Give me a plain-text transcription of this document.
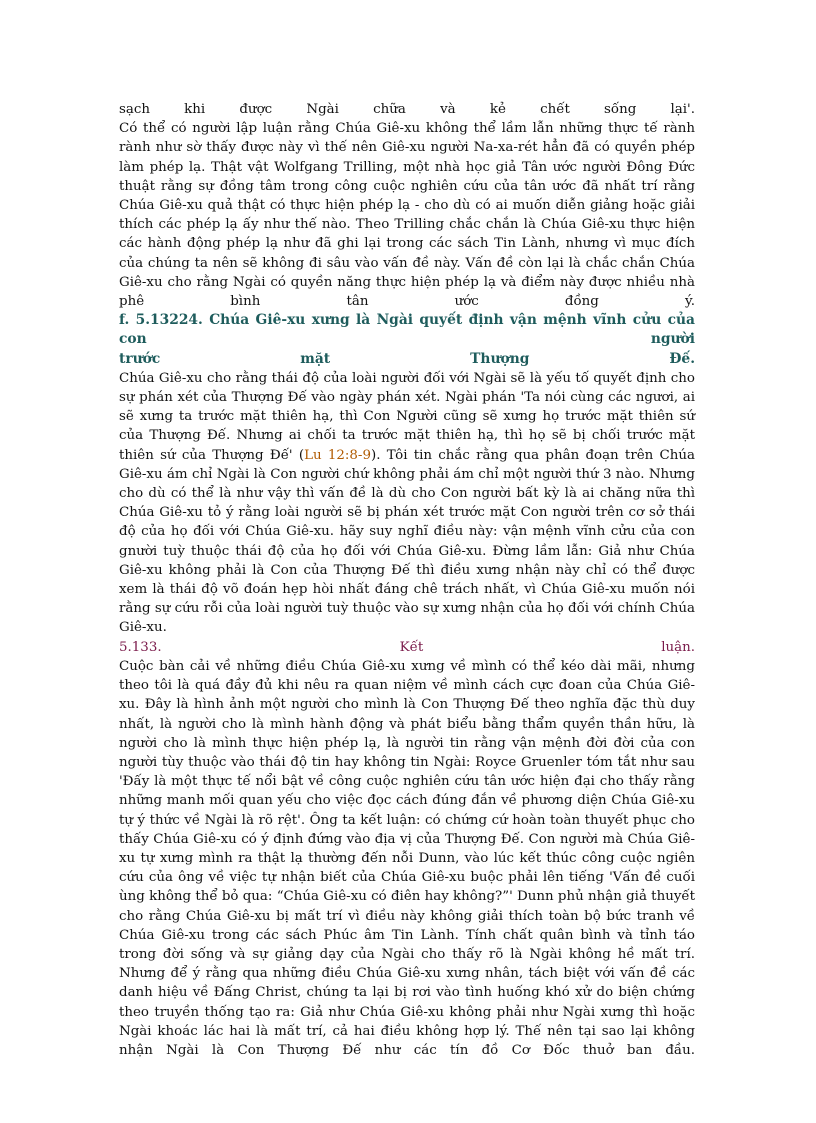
sạch khi được Ngài chữa và kẻ chết sống lại'.

Có thể có người lập luận rằng Chúa Giê-xu không thể lầm lẫn những thực tế rành rành như sờ thấy được này vì thế nên Giê-xu người Na-xa-rét hẳn đã có quyền phép làm phép lạ. Thật vật Wolfgang Trilling, một nhà học giả Tân ước người Đông Đức thuật rằng sự đồng tâm trong công cuộc nghiên cứu của tân ước đã nhất trí rằng Chúa Giê-xu quả thật có thực hiện phép lạ - cho dù có ai muốn diễn giảng hoặc giải thích các phép lạ ấy như thế nào. Theo Trilling chắc chắn là Chúa Giê-xu thực hiện các hành động phép lạ như đã ghi lại trong các sách Tin Lành, nhưng vì mục đích của chúng ta nên sẽ không đi sâu vào vấn đề này. Vấn đề còn lại là chắc chắn Chúa Giê-xu cho rằng Ngài có quyền năng thực hiện phép lạ và điểm này được nhiều nhà phê bình tân ước đồng ý.

f. 5.13224. Chúa Giê-xu xưng là Ngài quyết định vận mệnh vĩnh cửu của con người

trước mặt Thượng Đế.

Chúa Giê-xu cho rằng thái độ của loài người đối với Ngài sẽ là yếu tố quyết định cho sự phán xét của Thượng Đế vào ngày phán xét. Ngài phán 'Ta nói cùng các ngươi, ai sẽ xưng ta trước mặt thiên hạ, thì Con Người cũng sẽ xưng họ trước mặt thiên sứ của Thượng Đế. Nhưng ai chối ta trước mặt thiên hạ, thì họ sẽ bị chối trước mặt thiên sứ của Thượng Đế' (Lu 12:8-9). Tôi tin chắc rằng qua phân đoạn trên Chúa Giê-xu ám chỉ Ngài là Con người chứ không phải ám chỉ một người thứ 3 nào. Nhưng cho dù có thể là như vậy thì vấn đề là dù cho Con người bất kỳ là ai chăng nữa thì Chúa Giê-xu tỏ ý rằng loài người sẽ bị phán xét trước mặt Con người trên cơ sở thái độ của họ đối với Chúa Giê-xu. hãy suy nghĩ điều này: vận mệnh vĩnh cửu của con gnười tuỳ thuộc thái độ của họ đối với Chúa Giê-xu. Đừng lầm lẫn: Giả như Chúa Giê-xu không phải là Con của Thượng Đế thì điều xưng nhận này chỉ có thể được xem là thái độ võ đoán hẹp hòi nhất đáng chê trách nhất, vì Chúa Giê-xu muốn nói rằng sự cứu rỗi của loài người tuỳ thuộc vào sự xưng nhận của họ đối với chính Chúa Giê-xu.

5.133. Kết luận.

Cuộc bàn cải về những điều Chúa Giê-xu xưng về mình có thể kéo dài mãi, nhưng theo tôi là quá đầy đủ khi nêu ra quan niệm về mình cách cực đoan của Chúa Giê-xu. Đây là hình ảnh một người cho mình là Con Thượng Đế theo nghĩa đặc thù duy nhất, là người cho là mình hành động và phát biểu bằng thẩm quyền thần hữu, là người cho là mình thực hiện phép lạ, là người tin rằng vận mệnh đời đời của con người tùy thuộc vào thái độ tin hay không tin Ngài: Royce Gruenler tóm tắt như sau 'Đấy là một thực tế nổi bật về công cuộc nghiên cứu tân ước hiện đại cho thấy rằng những manh mối quan yếu cho việc đọc cách đúng đắn về phương diện Chúa Giê-xu tự ý thức về Ngài là rõ rệt'. Ông ta kết luận: có chứng cứ hoàn toàn thuyết phục cho thấy Chúa Giê-xu có ý định đứng vào địa vị của Thượng Đế. Con người mà Chúa Giê-xu tự xưng mình ra thật lạ thường đến nỗi Dunn, vào lúc kết thúc công cuộc ngiên cứu của ông về việc tự nhận biết của Chúa Giê-xu buộc phải lên tiếng 'Vấn đề cuối ùng không thể bỏ qua: “Chúa Giê-xu có điên hay không?”' Dunn phủ nhận giả thuyết cho rằng Chúa Giê-xu bị mất trí vì điều này không giải thích toàn bộ bức tranh về Chúa Giê-xu trong các sách Phúc âm Tin Lành. Tính chất quân bình và tỉnh táo trong đời sống và sự giảng dạy của Ngài cho thấy rõ là Ngài không hề mất trí. Nhưng để ý rằng qua những điều Chúa Giê-xu xưng nhân, tách biệt với vấn đề các danh hiệu về Đấng Christ, chúng ta lại bị rơi vào tình huống khó xử do biện chứng theo truyền thống tạo ra: Giả như Chúa Giê-xu không phải như Ngài xưng thì hoặc Ngài khoác lác hai là mất trí, cả hai điều không hợp lý. Thế nên tại sao lại không nhận Ngài là Con Thượng Đế như các tín đồ Cơ Đốc thuở ban đầu.
